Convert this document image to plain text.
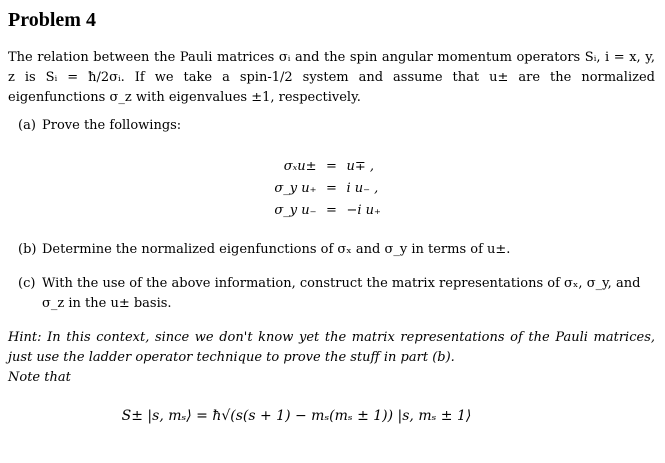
Problem 4

The relation between the Pauli matrices σᵢ and the spin angular momentum operators Sᵢ, i = x, y, z is Sᵢ = ħ/2σᵢ. If we take a spin-1/2 system and assume that u± are the normalized eigenfunctions σ_z with eigenvalues ±1, respectively.

(a) Prove the followings:
σₓu± = u∓ ,
σ_y u₊ = i u₋ ,
σ_y u₋ = −i u₊
(b) Determine the normalized eigenfunctions of σₓ and σ_y in terms of u±.
(c) With the use of the above information, construct the matrix representations of σₓ, σ_y, and σ_z in the u± basis.

Hint: In this context, since we don't know yet the matrix representations of the Pauli matrices, just use the ladder operator technique to prove the stuff in part (b).

Note that
S± |s, mₛ⟩ = ħ√(s(s + 1) − mₛ(mₛ ± 1)) |s, mₛ ± 1⟩
